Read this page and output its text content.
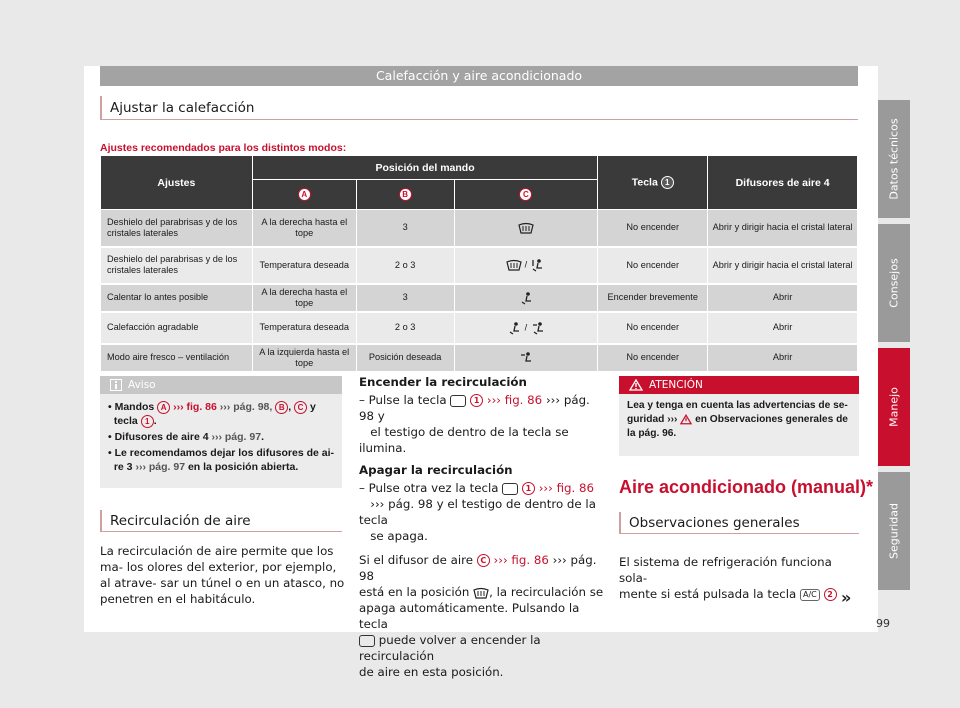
Calefacción y aire acondicionado
Ajustar la calefacción
Ajustes recomendados para los distintos modos:
Ajustes	Posición del mando			Tecla 1	Difusores de aire 4
	A	B	C		
Deshielo del parabrisas y de los cristales laterales	A la derecha hasta el tope	3		No encender	Abrir y dirigir hacia el cristal lateral
Deshielo del parabrisas y de los cristales laterales	Temperatura deseada	2 o 3	/	No encender	Abrir y dirigir hacia el cristal lateral
Calentar lo antes posible	A la derecha hasta el tope	3		Encender brevemente	Abrir
Calefacción agradable	Temperatura deseada	2 o 3	/	No encender	Abrir
Modo aire fresco – ventilación	A la izquierda hasta el tope	Posición deseada		No encender	Abrir
Aviso
• Mandos A ››› fig. 86 ››› pág. 98, B , C y
tecla 1 .
• Difusores de aire 4 ››› pág. 97.
• Le recomendamos dejar los difusores de ai-
re 3 ››› pág. 97 en la posición abierta.
Recirculación de aire
La recirculación de aire permite que los ma- los olores del exterior, por ejemplo, al atrave- sar un túnel o en un atasco, no penetren en el habitáculo.
Encender la recirculación
– Pulse la tecla	1 ››› fig. 86 ››› pág. 98 y
el testigo de dentro de la tecla se ilumina.
Apagar la recirculación
– Pulse otra vez la tecla	1 ››› fig. 86
››› pág. 98 y el testigo de dentro de la tecla
se apaga.
Si el difusor de aire C ››› fig. 86 ››› pág. 98
está en la posición , la recirculación se
apaga automáticamente. Pulsando la tecla
puede volver a encender la recirculación
de aire en esta posición.
ATENCIÓN
Lea y tenga en cuenta las advertencias de se-
guridad ››› en Observaciones generales de
la pág. 96.
Aire acondicionado (manual)*
Observaciones generales
El sistema de refrigeración funciona sola-
mente si está pulsada la tecla A/C 2 »
Datos técnicos
Consejos
Manejo
Seguridad
99
